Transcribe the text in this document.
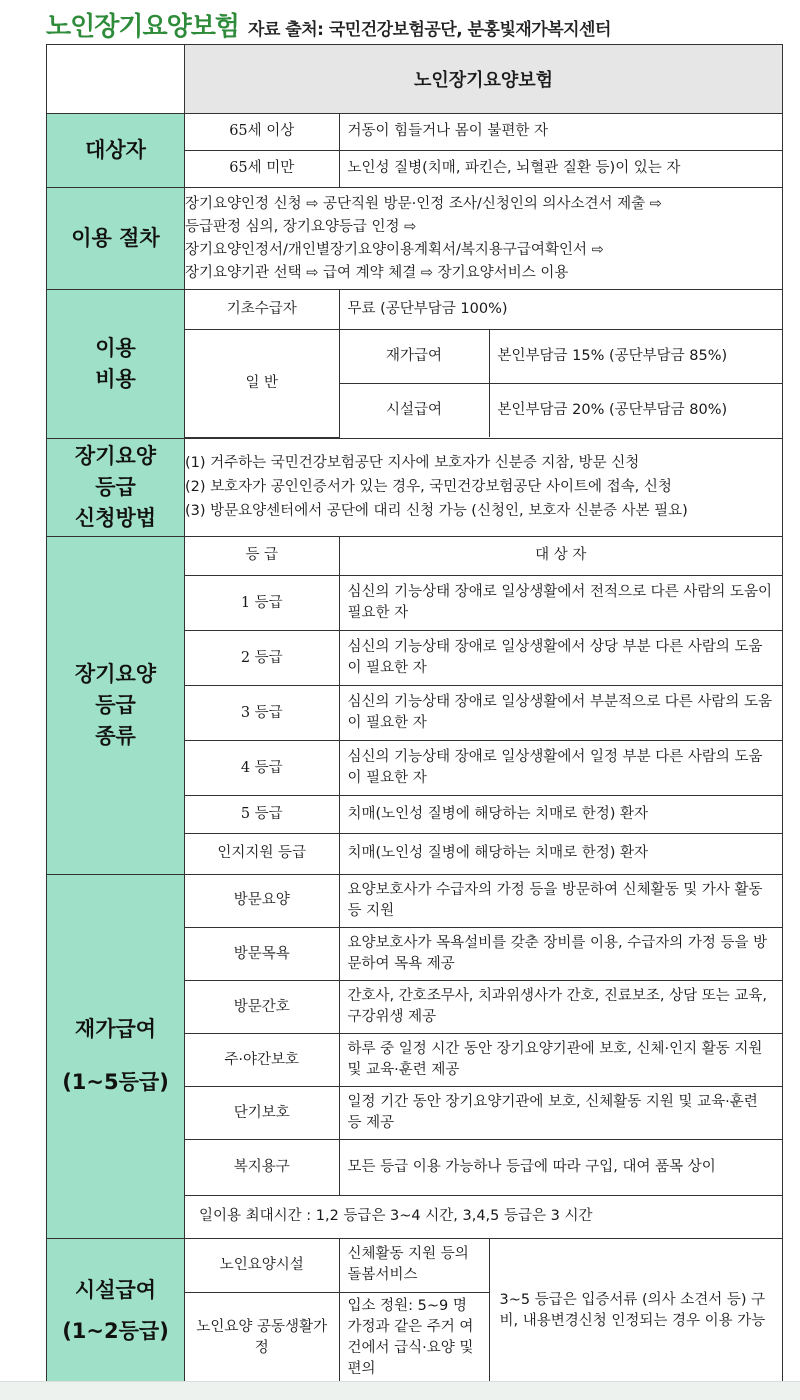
노인장기요양보험 자료 출처: 국민건강보험공단, 분홍빛재가복지센터
	노인장기요양보험
대상자	
65세 이상	거동이 힘들거나 몸이 불편한 자
65세 미만	노인성 질병(치매, 파킨슨, 뇌혈관 질환 등)이 있는 자

이용 절차	
장기요양인정 신청 ⇨ 공단직원 방문·인정 조사/신청인의 의사소견서 제출 ⇨
등급판정 심의, 장기요양등급 인정 ⇨
장기요양인정서/개인별장기요양이용계획서/복지용구급여확인서 ⇨
장기요양기관 선택 ⇨ 급여 계약 체결 ⇨ 장기요양서비스 이용

이용
비용

기초수급자	무료 (공단부담금 100%)
일 반	재가급여	본인부담금 15% (공단부담금 85%)
시설급여	본인부담금 20% (공단부담금 80%)

장기요양
등급
신청방법

(1) 거주하는 국민건강보험공단 지사에 보호자가 신분증 지참, 방문 신청
(2) 보호자가 공인인증서가 있는 경우, 국민건강보험공단 사이트에 접속, 신청
(3) 방문요양센터에서 공단에 대리 신청 가능 (신청인, 보호자 신분증 사본 필요)

장기요양
등급
종류

등 급	대 상 자
1 등급	심신의 기능상태 장애로 일상생활에서 전적으로 다른 사람의 도움이 필요한 자
2 등급	심신의 기능상태 장애로 일상생활에서 상당 부분 다른 사람의 도움이 필요한 자
3 등급	심신의 기능상태 장애로 일상생활에서 부분적으로 다른 사람의 도움이 필요한 자
4 등급	심신의 기능상태 장애로 일상생활에서 일정 부분 다른 사람의 도움이 필요한 자
5 등급	치매(노인성 질병에 해당하는 치매로 한정) 환자
인지지원 등급	치매(노인성 질병에 해당하는 치매로 한정) 환자

재가급여
(1~5등급)

방문요양	요양보호사가 수급자의 가정 등을 방문하여 신체활동 및 가사 활동 등 지원
방문목욕	요양보호사가 목욕설비를 갖춘 장비를 이용, 수급자의 가정 등을 방문하여 목욕 제공
방문간호	간호사, 간호조무사, 치과위생사가 간호, 진료보조, 상담 또는 교육, 구강위생 제공
주·야간보호	하루 중 일정 시간 동안 장기요양기관에 보호, 신체·인지 활동 지원 및 교육·훈련 제공
단기보호	일정 기간 동안 장기요양기관에 보호, 신체활동 지원 및 교육·훈련 등 제공
복지용구	모든 등급 이용 가능하나 등급에 따라 구입, 대여 품목 상이
일이용 최대시간 : 1,2 등급은 3~4 시간, 3,4,5 등급은 3 시간

시설급여
(1~2등급)

노인요양시설	신체활동 지원 등의 돌봄서비스	3~5 등급은 입증서류 (의사 소견서 등) 구비, 내용변경신청 인정되는 경우 이용 가능
노인요양 공동생활가정	입소 정원: 5~9 명 가정과 같은 주거 여건에서 급식·요양 및 편의
